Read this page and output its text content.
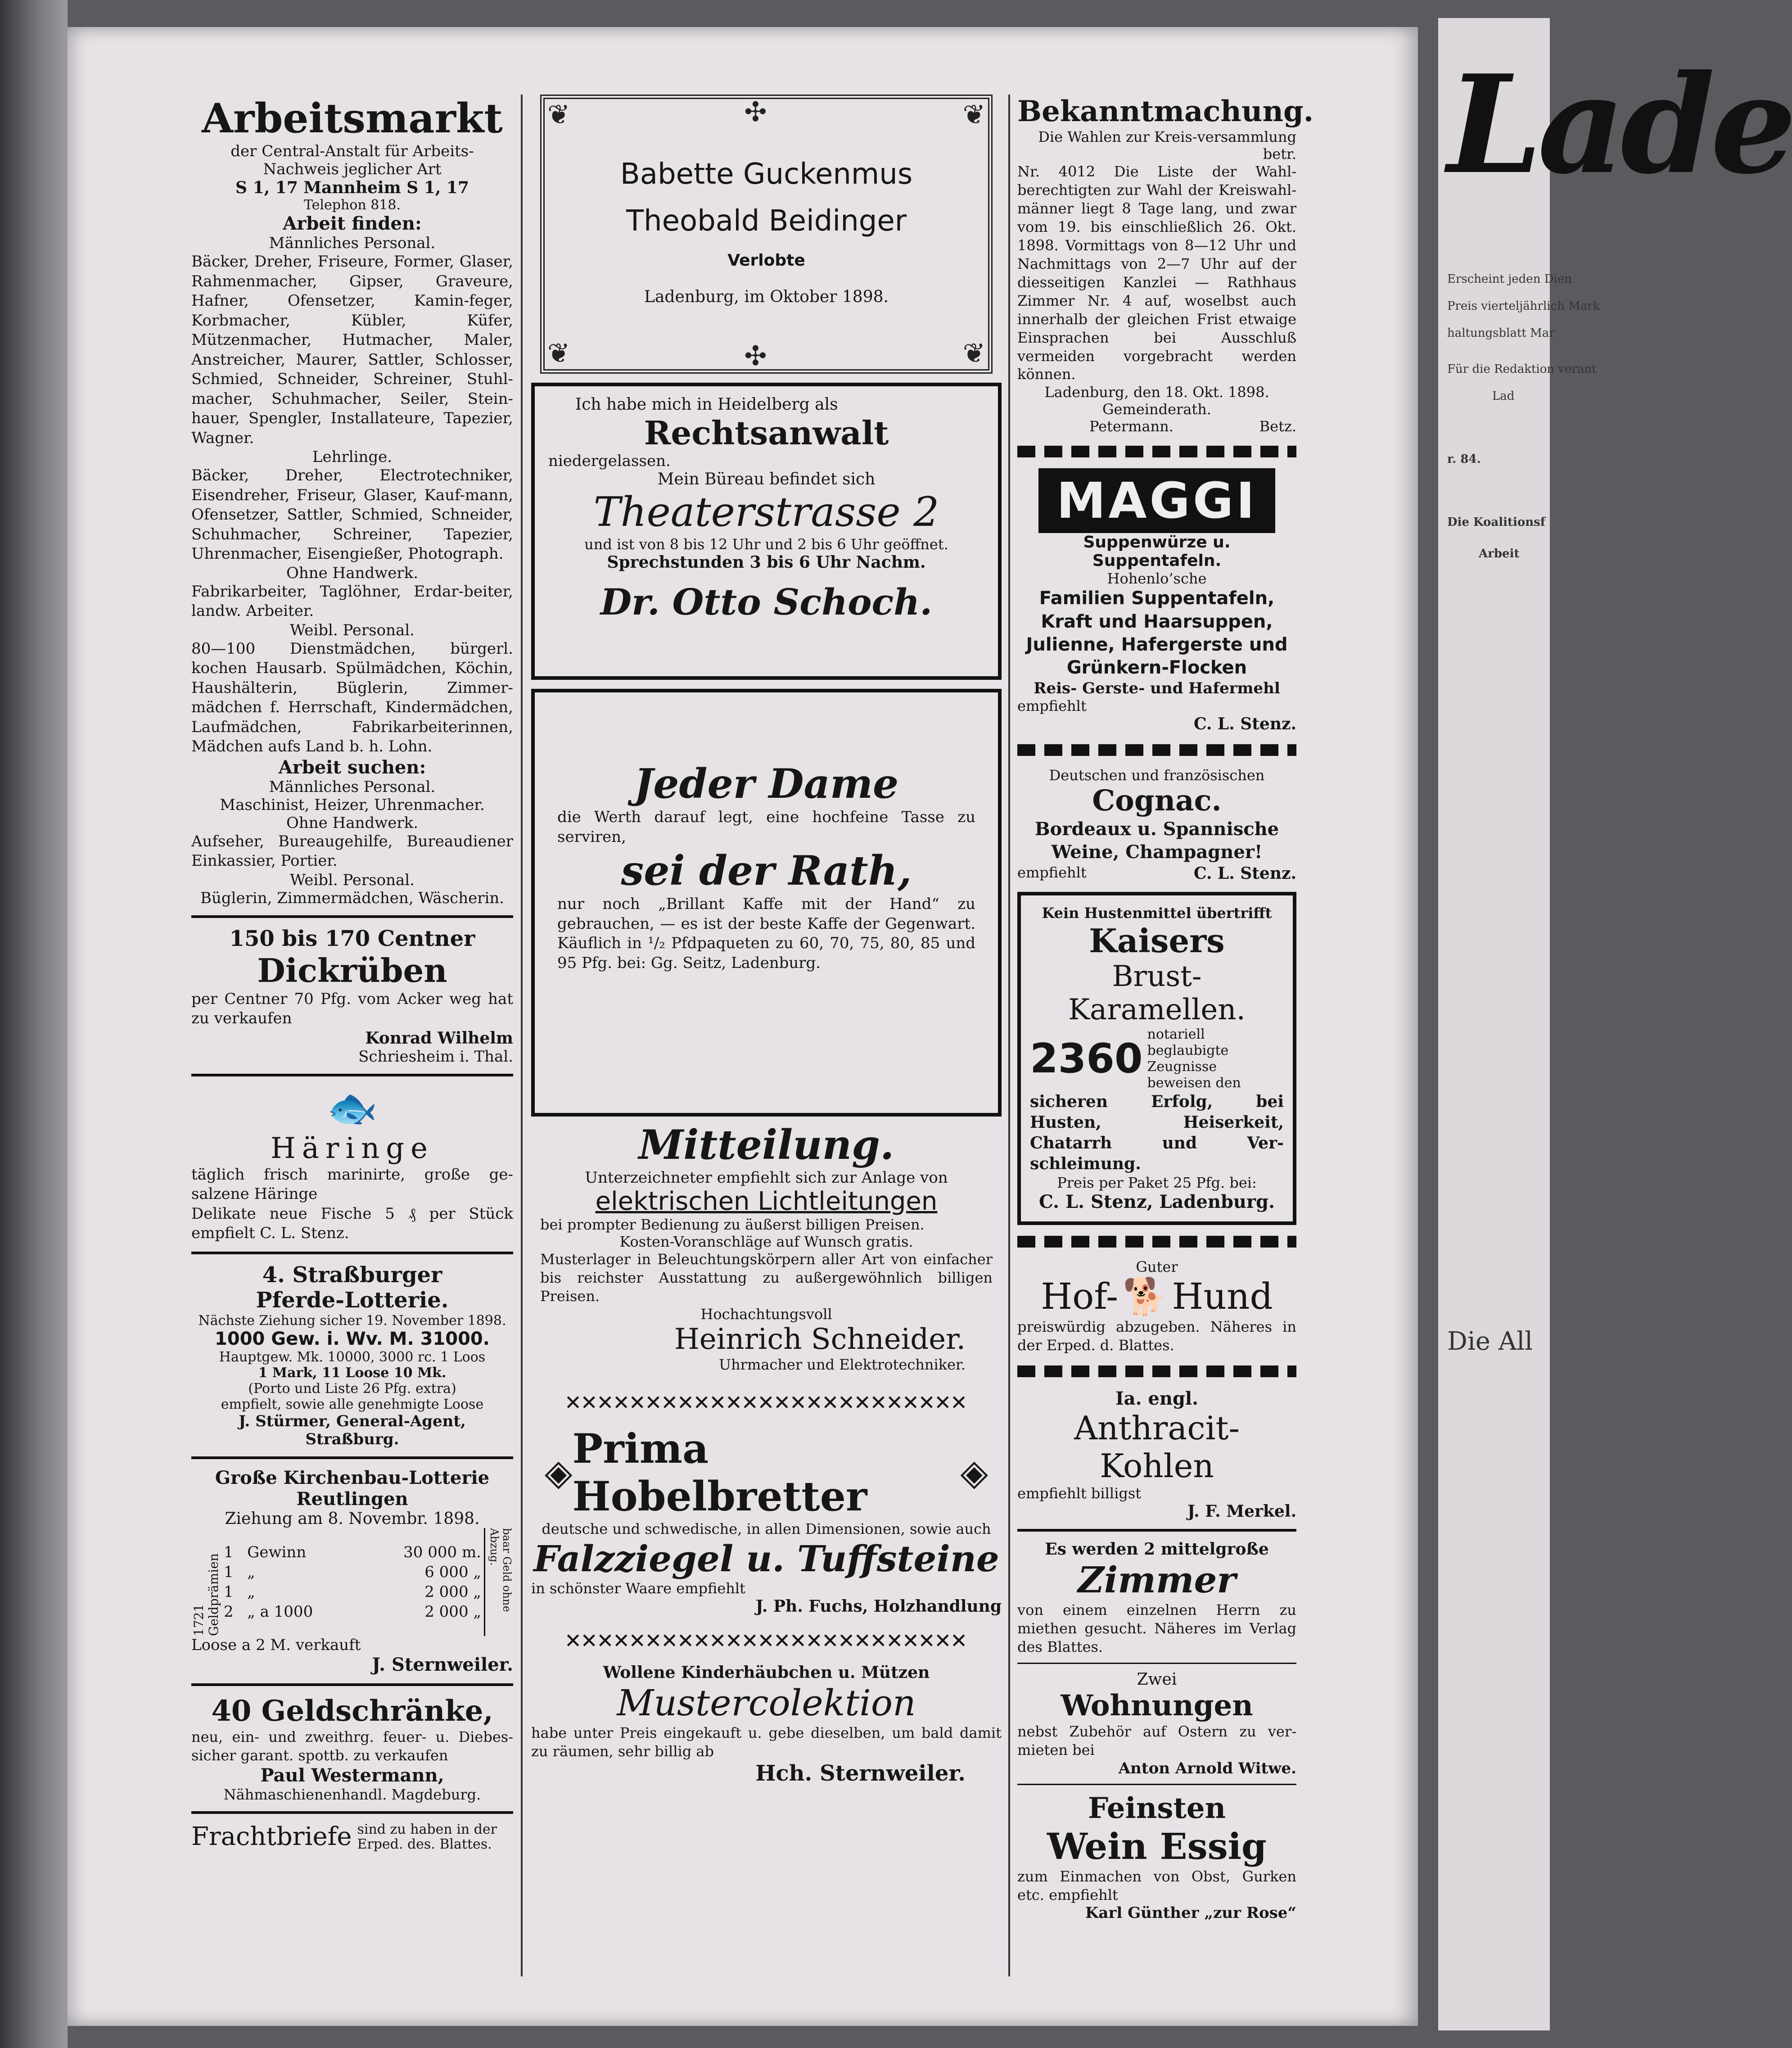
Arbeitsmarkt

der Central-Anstalt für Arbeits-

Nachweis jeglicher Art

S 1, 17 Mannheim S 1, 17

Telephon 818.

Arbeit finden:

Männliches Personal.

Bäcker, Dreher, Friseure, Former, Glaser, Rahmenmacher, Gipser, Graveure, Hafner, Ofensetzer, Kamin-feger, Korbmacher, Kübler, Küfer, Mützenmacher, Hutmacher, Maler, Anstreicher, Maurer, Sattler, Schlosser, Schmied, Schneider, Schreiner, Stuhl-macher, Schuhmacher, Seiler, Stein-hauer, Spengler, Installateure, Tapezier, Wagner.

Lehrlinge.

Bäcker, Dreher, Electrotechniker, Eisendreher, Friseur, Glaser, Kauf-mann, Ofensetzer, Sattler, Schmied, Schneider, Schuhmacher, Schreiner, Tapezier, Uhrenmacher, Eisengießer, Photograph.

Ohne Handwerk.

Fabrikarbeiter, Taglöhner, Erdar-beiter, landw. Arbeiter.

Weibl. Personal.

80—100 Dienstmädchen, bürgerl. kochen Hausarb. Spülmädchen, Köchin, Haushälterin, Büglerin, Zimmer-mädchen f. Herrschaft, Kindermädchen, Laufmädchen, Fabrikarbeiterinnen, Mädchen aufs Land b. h. Lohn.

Arbeit suchen:

Männliches Personal.

Maschinist, Heizer, Uhrenmacher.

Ohne Handwerk.

Aufseher, Bureaugehilfe, Bureaudiener Einkassier, Portier.

Weibl. Personal.

Büglerin, Zimmermädchen, Wäscherin.

150 bis 170 Centner

Dickrüben

per Centner 70 Pfg. vom Acker weg hat zu verkaufen

Konrad Wilhelm

Schriesheim i. Thal.

🐟

Häringe

täglich frisch marinirte, große ge-salzene Häringe

Delikate neue Fische 5 ₰ per Stück empfielt C. L. Stenz.

4. Straßburger

Pferde-Lotterie.

Nächste Ziehung sicher 19. November 1898.

1000 Gew. i. Wv. M. 31000.

Hauptgew. Mk. 10000, 3000 rc. 1 Loos

1 Mark, 11 Loose 10 Mk.

(Porto und Liste 26 Pfg. extra)

empfielt, sowie alle genehmigte Loose

J. Stürmer, General-Agent, Straßburg.

Große Kirchenbau-Lotterie

Reutlingen

Ziehung am 8. Novembr. 1898.

1721 Geldprämien
1	Gewinn	30 000 m.
1	„	6 000 „
1	„	2 000 „
2	„ a 1000	2 000 „	baar Geld ohne Abzug.

Loose a 2 M. verkauft

J. Sternweiler.

40 Geldschränke,

neu, ein- und zweithrg. feuer- u. Diebes-sicher garant. spottb. zu verkaufen

Paul Westermann,

Nähmaschienenhandl. Magdeburg.

Frachtbriefe sind zu haben in der Erped. des. Blattes.
❦	❦
❦	❦
✣
✣

Babette Guckenmus

Theobald Beidinger

Verlobte

Ladenburg, im Oktober 1898.

Ich habe mich in Heidelberg als

Rechtsanwalt

niedergelassen.

Mein Büreau befindet sich

Theaterstrasse 2

und ist von 8 bis 12 Uhr und 2 bis 6 Uhr geöffnet.

Sprechstunden 3 bis 6 Uhr Nachm.

Dr. Otto Schoch.

Jeder Dame

die Werth darauf legt, eine hochfeine Tasse zu serviren,

sei der Rath,

nur noch „Brillant Kaffe mit der Hand“ zu gebrauchen, — es ist der beste Kaffe der Gegenwart. Käuflich in ¹/₂ Pfdpaqueten zu 60, 70, 75, 80, 85 und 95 Pfg. bei: Gg. Seitz, Ladenburg.

Mitteilung.

Unterzeichneter empfiehlt sich zur Anlage von

elektrischen Lichtleitungen

bei prompter Bedienung zu äußerst billigen Preisen.

Kosten-Voranschläge auf Wunsch gratis.

Musterlager in Beleuchtungskörpern aller Art von einfacher bis reichster Ausstattung zu außergewöhnlich billigen Preisen.

Hochachtungsvoll

Heinrich Schneider.

Uhrmacher und Elektrotechniker.

✕✕✕✕✕✕✕✕✕✕✕✕✕✕✕✕✕✕✕✕✕✕✕✕✕
◈ Prima Hobelbretter	◈

deutsche und schwedische, in allen Dimensionen, sowie auch

Falzziegel u. Tuffsteine

in schönster Waare empfiehlt

J. Ph. Fuchs, Holzhandlung

✕✕✕✕✕✕✕✕✕✕✕✕✕✕✕✕✕✕✕✕✕✕✕✕✕

Wollene Kinderhäubchen u. Mützen

Mustercolektion

habe unter Preis eingekauft u. gebe dieselben, um bald damit zu räumen, sehr billig ab

Hch. Sternweiler.

Bekanntmachung.

Die Wahlen zur Kreis-versammlung betr.

Nr. 4012 Die Liste der Wahl-berechtigten zur Wahl der Kreiswahl-männer liegt 8 Tage lang, und zwar vom 19. bis einschließlich 26. Okt. 1898. Vormittags von 8—12 Uhr und Nachmittags von 2—7 Uhr auf der diesseitigen Kanzlei — Rathhaus Zimmer Nr. 4 auf, woselbst auch innerhalb der gleichen Frist etwaige Einsprachen bei Ausschluß vermeiden vorgebracht werden können.

Ladenburg, den 18. Okt. 1898.

Gemeinderath.

Petermann.	Betz.
MAGGI

Suppenwürze u. Suppentafeln.

Hohenlo’sche

Familien Suppentafeln, Kraft und Haarsuppen, Julienne, Hafergerste und Grünkern-Flocken

Reis- Gerste- und Hafermehl

empfiehlt

C. L. Stenz.

Deutschen und französischen

Cognac.

Bordeaux u. Spannische Weine, Champagner!

empfiehlt	C. L. Stenz.

Kein Hustenmittel übertrifft

Kaisers

Brust-Karamellen.

2360
notariell beglaubigte Zeugnisse beweisen den

sicheren Erfolg, bei Husten, Heiserkeit, Chatarrh und Ver-schleimung.

Preis per Paket 25 Pfg. bei:

C. L. Stenz, Ladenburg.

Guter

Hof- 🐕 Hund

preiswürdig abzugeben. Näheres in der Erped. d. Blattes.

Ia. engl.

Anthracit-Kohlen

empfiehlt billigst

J. F. Merkel.

Es werden 2 mittelgroße

Zimmer

von einem einzelnen Herrn zu miethen gesucht. Näheres im Verlag des Blattes.

Zwei

Wohnungen

nebst Zubehör auf Ostern zu ver-mieten bei

Anton Arnold Witwe.

Feinsten

Wein Essig

zum Einmachen von Obst, Gurken etc. empfiehlt

Karl Günther „zur Rose“

Lade
Erscheint jeden Dien
Preis vierteljährlich Mark
haltungsblatt Mar
Für die Redaktion verant
Lad
r. 84.
Die Koalitionsf
Arbeit
Die All
